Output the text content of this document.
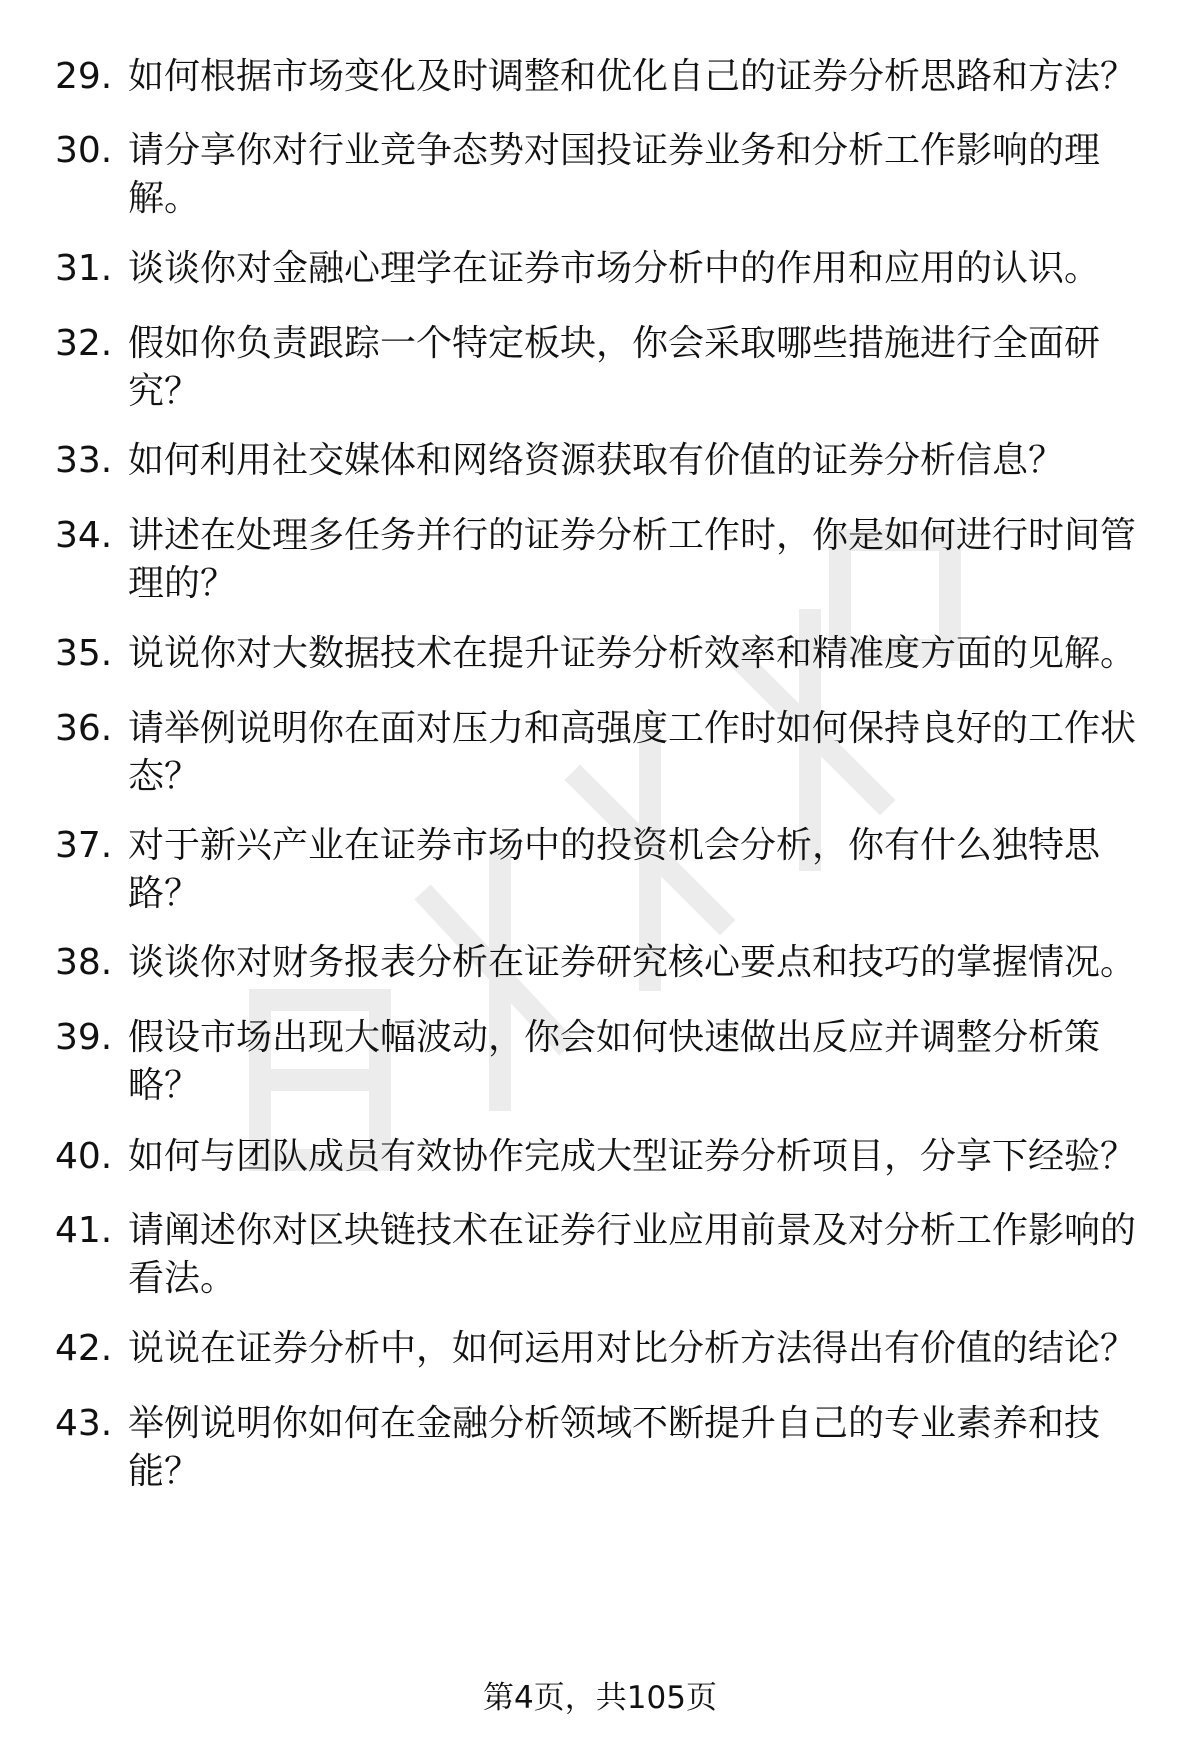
29. 如何根据市场变化及时调整和优化自己的证券分析思路和方法？
30. 请分享你对行业竞争态势对国投证券业务和分析工作影响的理解。
31. 谈谈你对金融心理学在证券市场分析中的作用和应用的认识。
32. 假如你负责跟踪一个特定板块，你会采取哪些措施进行全面研究？
33. 如何利用社交媒体和网络资源获取有价值的证券分析信息？
34. 讲述在处理多任务并行的证券分析工作时，你是如何进行时间管理的？
35. 说说你对大数据技术在提升证券分析效率和精准度方面的见解。
36. 请举例说明你在面对压力和高强度工作时如何保持良好的工作状态？
37. 对于新兴产业在证券市场中的投资机会分析，你有什么独特思路？
38. 谈谈你对财务报表分析在证券研究核心要点和技巧的掌握情况。
39. 假设市场出现大幅波动，你会如何快速做出反应并调整分析策略？
40. 如何与团队成员有效协作完成大型证券分析项目，分享下经验？
41. 请阐述你对区块链技术在证券行业应用前景及对分析工作影响的看法。
42. 说说在证券分析中，如何运用对比分析方法得出有价值的结论？
43. 举例说明你如何在金融分析领域不断提升自己的专业素养和技能？
第4页，共105页
